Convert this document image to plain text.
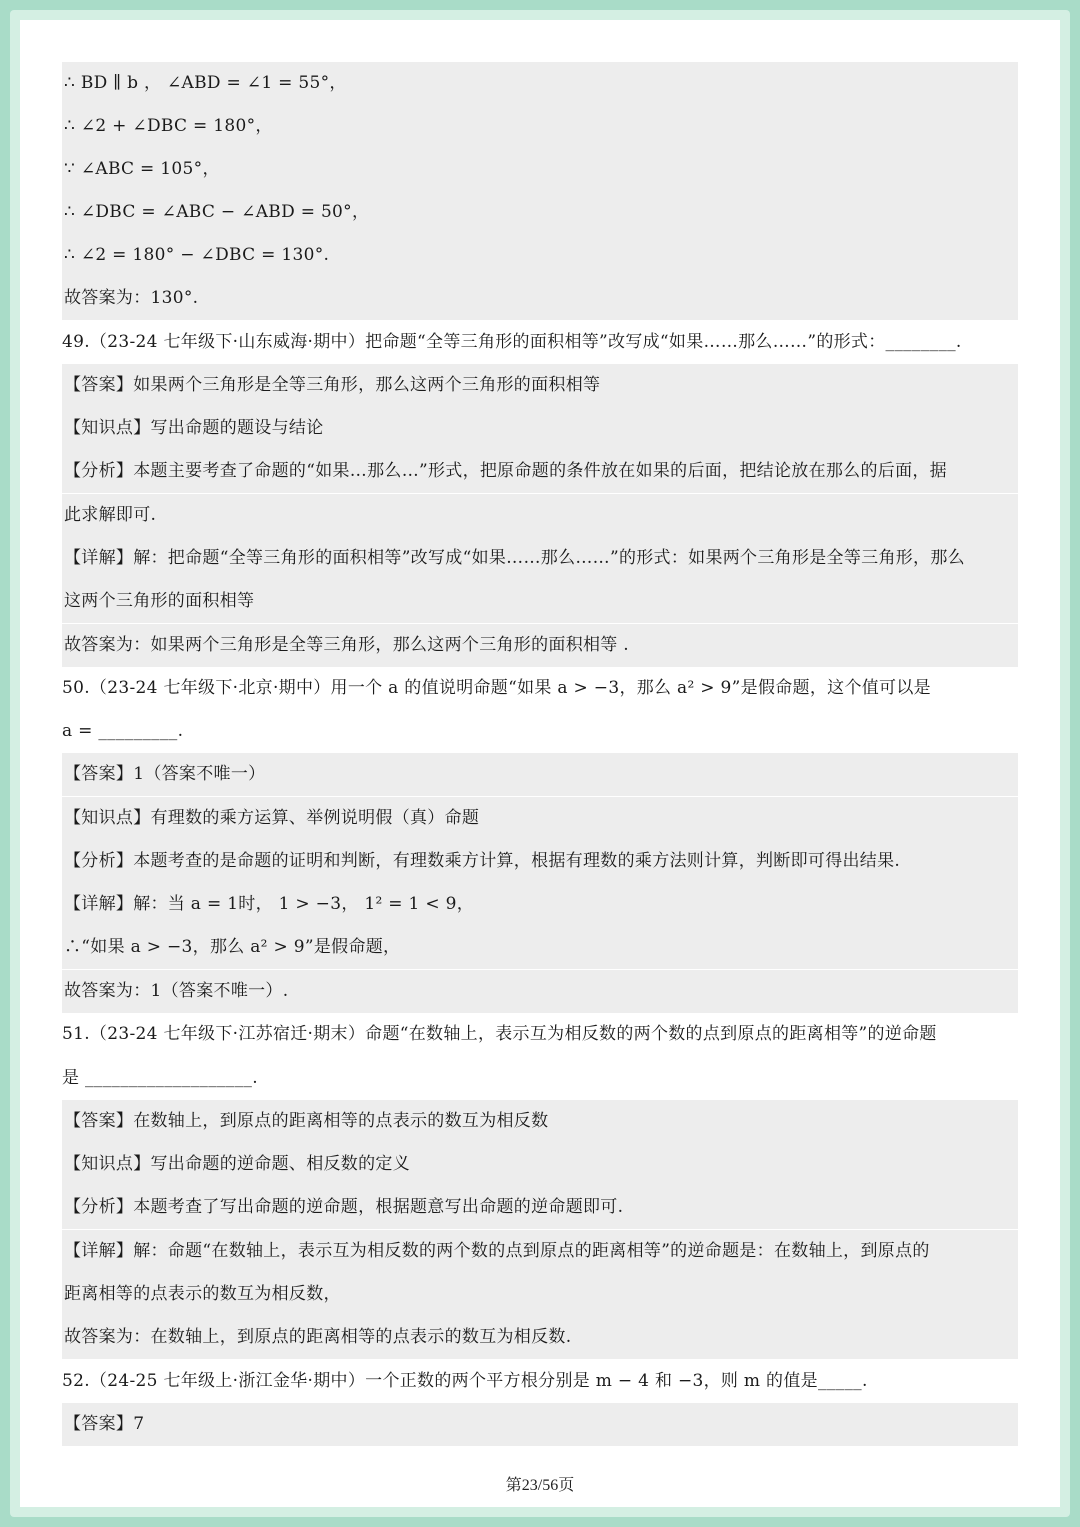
∴ BD ∥ b ， ∠ABD = ∠1 = 55°，
∴ ∠2 + ∠DBC = 180°，
∵ ∠ABC = 105°，
∴ ∠DBC = ∠ABC − ∠ABD = 50°，
∴ ∠2 = 180° − ∠DBC = 130°.
故答案为：130°.
49.（23-24 七年级下·山东威海·期中）把命题“全等三角形的面积相等”改写成“如果……那么……”的形式：________.
【答案】如果两个三角形是全等三角形，那么这两个三角形的面积相等
【知识点】写出命题的题设与结论
【分析】本题主要考查了命题的“如果…那么…”形式，把原命题的条件放在如果的后面，把结论放在那么的后面，据
此求解即可.
【详解】解：把命题“全等三角形的面积相等”改写成“如果……那么……”的形式：如果两个三角形是全等三角形，那么
这两个三角形的面积相等
故答案为：如果两个三角形是全等三角形，那么这两个三角形的面积相等 .
50.（23-24 七年级下·北京·期中）用一个 a 的值说明命题“如果 a > −3，那么 a² > 9”是假命题，这个值可以是
a = _________.
【答案】1（答案不唯一）
【知识点】有理数的乘方运算、举例说明假（真）命题
【分析】本题考查的是命题的证明和判断，有理数乘方计算，根据有理数的乘方法则计算，判断即可得出结果.
【详解】解：当 a = 1时， 1 > −3， 1² = 1 < 9，
∴“如果 a > −3，那么 a² > 9”是假命题，
故答案为：1（答案不唯一）.
51.（23-24 七年级下·江苏宿迁·期末）命题“在数轴上，表示互为相反数的两个数的点到原点的距离相等”的逆命题
是 ___________________.
【答案】在数轴上，到原点的距离相等的点表示的数互为相反数
【知识点】写出命题的逆命题、相反数的定义
【分析】本题考查了写出命题的逆命题，根据题意写出命题的逆命题即可.
【详解】解：命题“在数轴上，表示互为相反数的两个数的点到原点的距离相等”的逆命题是：在数轴上，到原点的
距离相等的点表示的数互为相反数，
故答案为：在数轴上，到原点的距离相等的点表示的数互为相反数.
52.（24-25 七年级上·浙江金华·期中）一个正数的两个平方根分别是 m − 4 和 −3，则 m 的值是_____.
【答案】7
第23/56页
